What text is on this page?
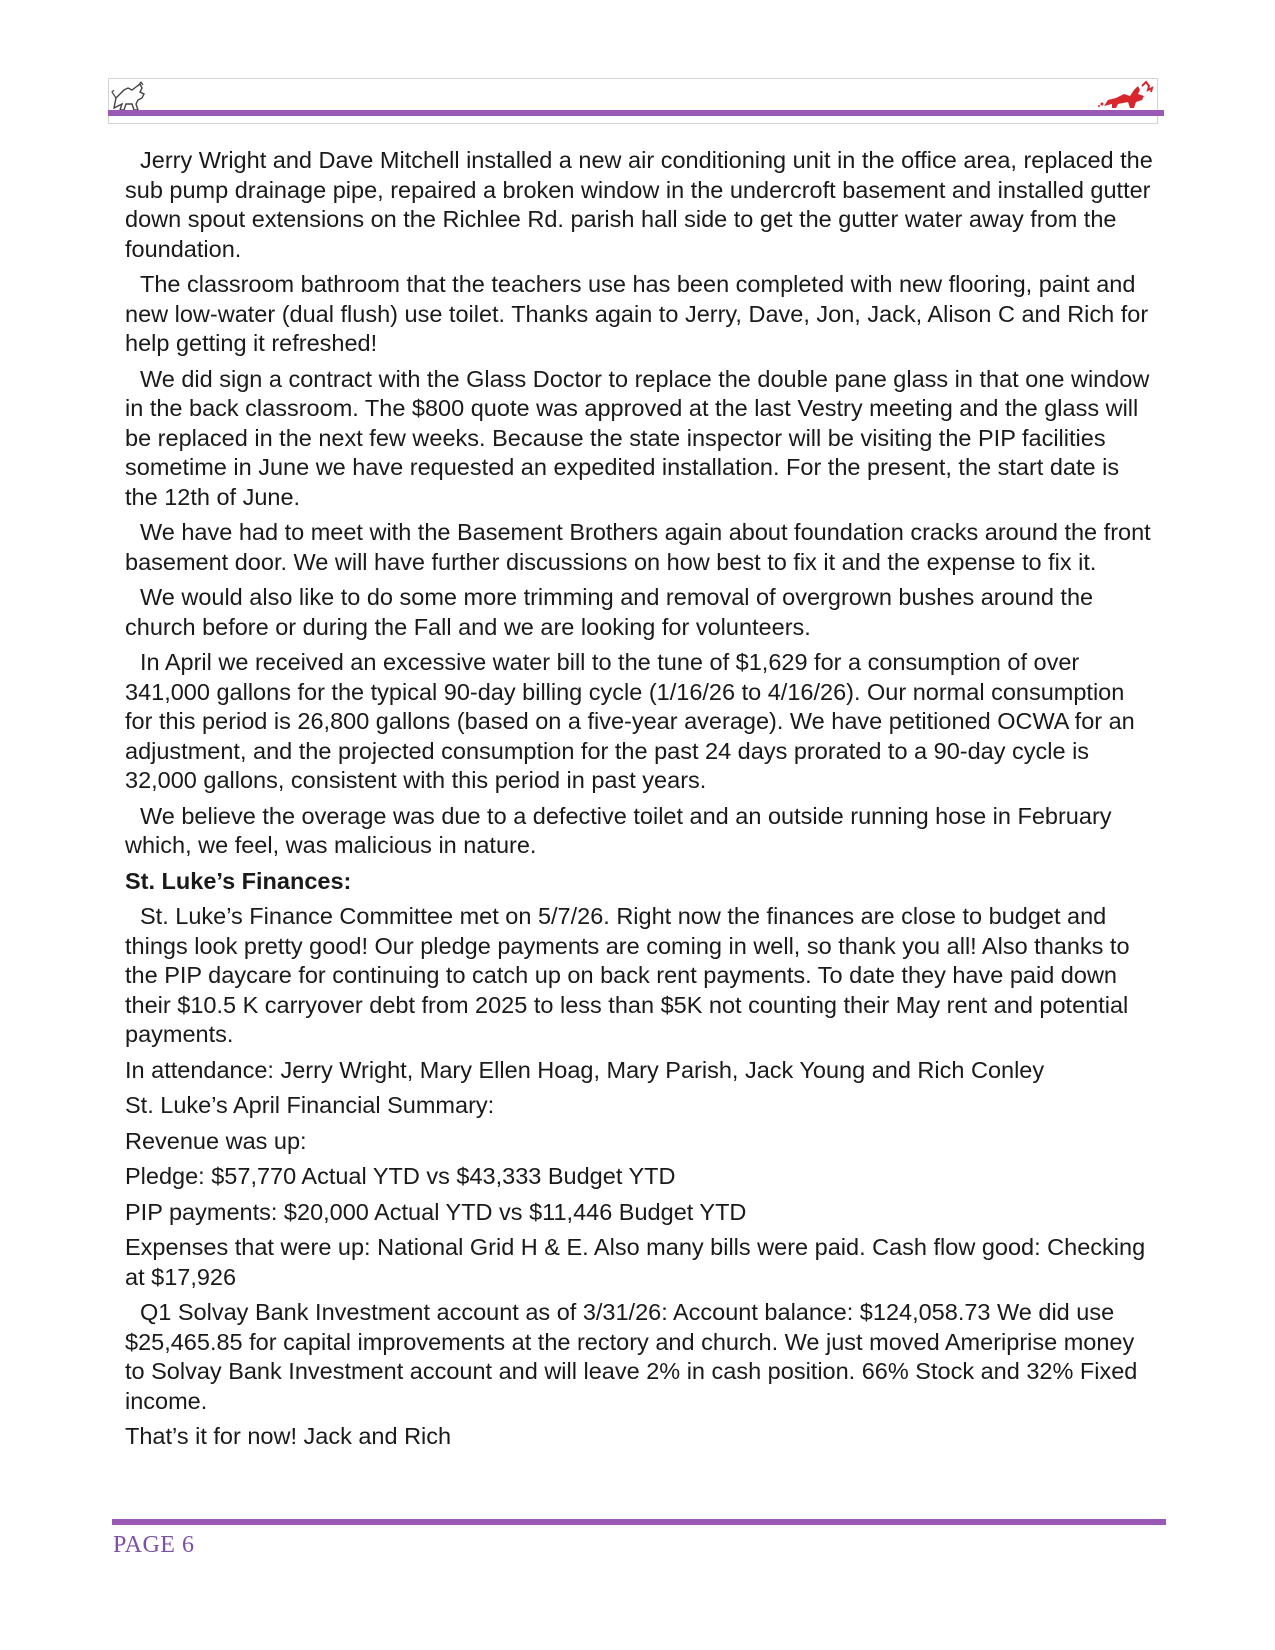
Jerry Wright and Dave Mitchell installed a new air conditioning unit in the office area, replaced the sub pump drainage pipe, repaired a broken window in the undercroft basement and installed gutter down spout extensions on the Richlee Rd. parish hall side to get the gutter water away from the foundation.

The classroom bathroom that the teachers use has been completed with new flooring, paint and new low-water (dual flush) use toilet. Thanks again to Jerry, Dave, Jon, Jack, Alison C and Rich for help getting it refreshed!

We did sign a contract with the Glass Doctor to replace the double pane glass in that one window in the back classroom. The $800 quote was approved at the last Vestry meeting and the glass will be replaced in the next few weeks. Because the state inspector will be visiting the PIP facilities sometime in June we have requested an expedited installation. For the present, the start date is the 12th of June.

We have had to meet with the Basement Brothers again about foundation cracks around the front basement door. We will have further discussions on how best to fix it and the expense to fix it.

We would also like to do some more trimming and removal of overgrown bushes around the church before or during the Fall and we are looking for volunteers.

In April we received an excessive water bill to the tune of $1,629 for a consumption of over 341,000 gallons for the typical 90-day billing cycle (1/16/26 to 4/16/26). Our normal consumption for this period is 26,800 gallons (based on a five-year average). We have petitioned OCWA for an adjustment, and the projected consumption for the past 24 days prorated to a 90-day cycle is 32,000 gallons, consistent with this period in past years.

We believe the overage was due to a defective toilet and an outside running hose in February which, we feel, was malicious in nature.

St. Luke’s Finances:

St. Luke’s Finance Committee met on 5/7/26. Right now the finances are close to budget and things look pretty good! Our pledge payments are coming in well, so thank you all! Also thanks to the PIP daycare for continuing to catch up on back rent payments. To date they have paid down their $10.5 K carryover debt from 2025 to less than $5K not counting their May rent and potential payments.

In attendance: Jerry Wright, Mary Ellen Hoag, Mary Parish, Jack Young and Rich Conley

St. Luke’s April Financial Summary:

Revenue was up:

Pledge: $57,770 Actual YTD vs $43,333 Budget YTD

PIP payments: $20,000 Actual YTD vs $11,446 Budget YTD

Expenses that were up: National Grid H & E. Also many bills were paid. Cash flow good: Checking at $17,926

Q1 Solvay Bank Investment account as of 3/31/26: Account balance: $124,058.73 We did use $25,465.85 for capital improvements at the rectory and church. We just moved Ameriprise money to Solvay Bank Investment account and will leave 2% in cash position. 66% Stock and 32% Fixed income.

That’s it for now! Jack and Rich

PAGE 6
